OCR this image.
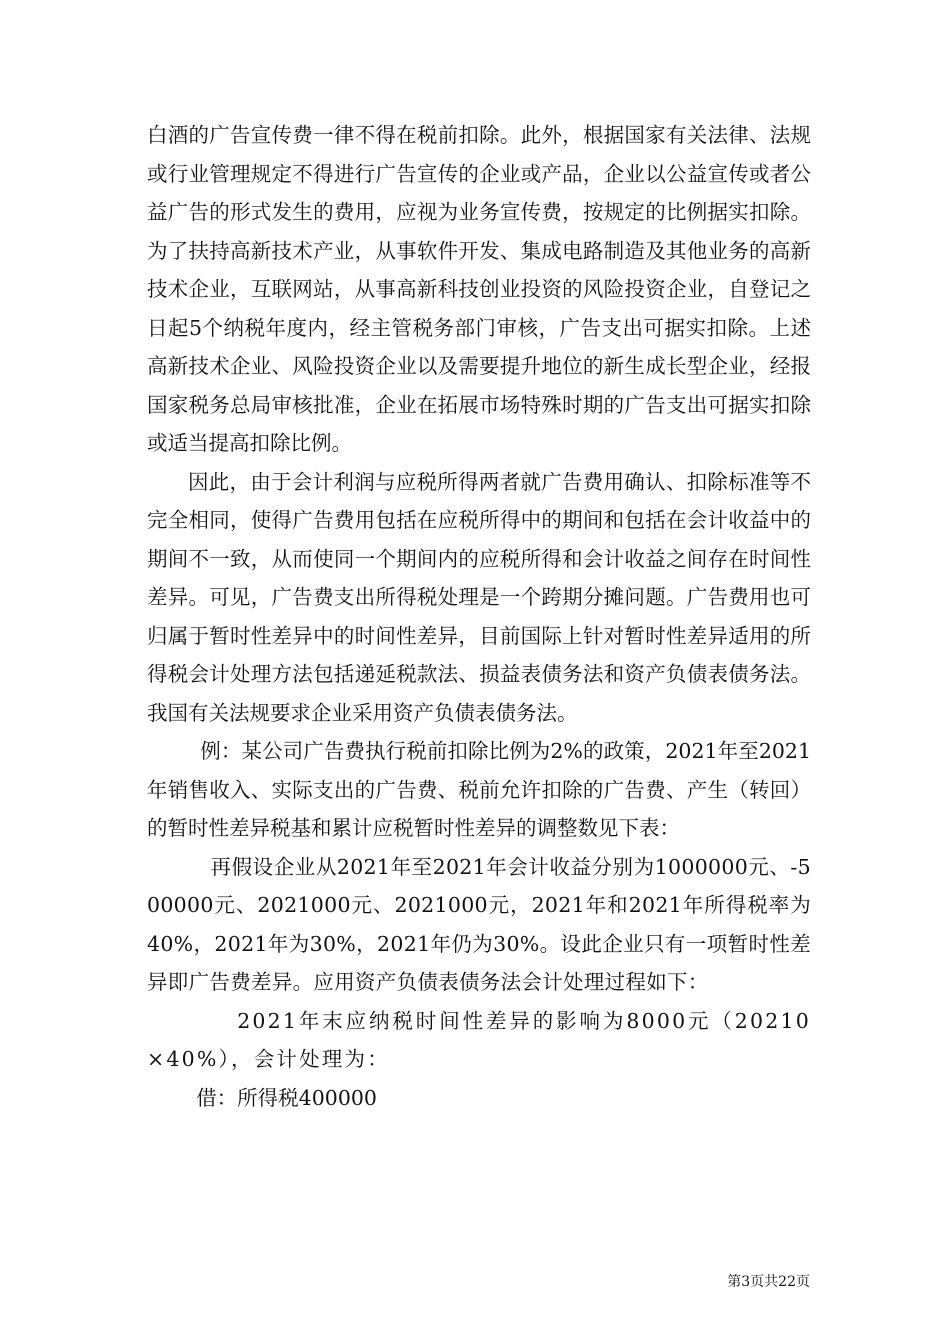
白酒的广告宣传费一律不得在税前扣除。此外，根据国家有关法律、法规或行业管理规定不得进行广告宣传的企业或产品，企业以公益宣传或者公益广告的形式发生的费用，应视为业务宣传费，按规定的比例据实扣除。为了扶持高新技术产业，从事软件开发、集成电路制造及其他业务的高新技术企业，互联网站，从事高新科技创业投资的风险投资企业，自登记之日起5个纳税年度内，经主管税务部门审核，广告支出可据实扣除。上述高新技术企业、风险投资企业以及需要提升地位的新生成长型企业，经报国家税务总局审核批准，企业在拓展市场特殊时期的广告支出可据实扣除或适当提高扣除比例。

因此，由于会计利润与应税所得两者就广告费用确认、扣除标准等不完全相同，使得广告费用包括在应税所得中的期间和包括在会计收益中的期间不一致，从而使同一个期间内的应税所得和会计收益之间存在时间性差异。可见，广告费支出所得税处理是一个跨期分摊问题。广告费用也可归属于暂时性差异中的时间性差异，目前国际上针对暂时性差异适用的所得税会计处理方法包括递延税款法、损益表债务法和资产负债表债务法。我国有关法规要求企业采用资产负债表债务法。

例：某公司广告费执行税前扣除比例为2%的政策，2021年至2021年销售收入、实际支出的广告费、税前允许扣除的广告费、产生（转回）的暂时性差异税基和累计应税暂时性差异的调整数见下表：

再假设企业从2021年至2021年会计收益分别为1000000元、-500000元、2021000元、2021000元，2021年和2021年所得税率为40%，2021年为30%，2021年仍为30%。设此企业只有一项暂时性差异即广告费差异。应用资产负债表债务法会计处理过程如下：

2021年末应纳税时间性差异的影响为8000元（20210×40%），会计处理为：

借：所得税400000

第3页共22页
